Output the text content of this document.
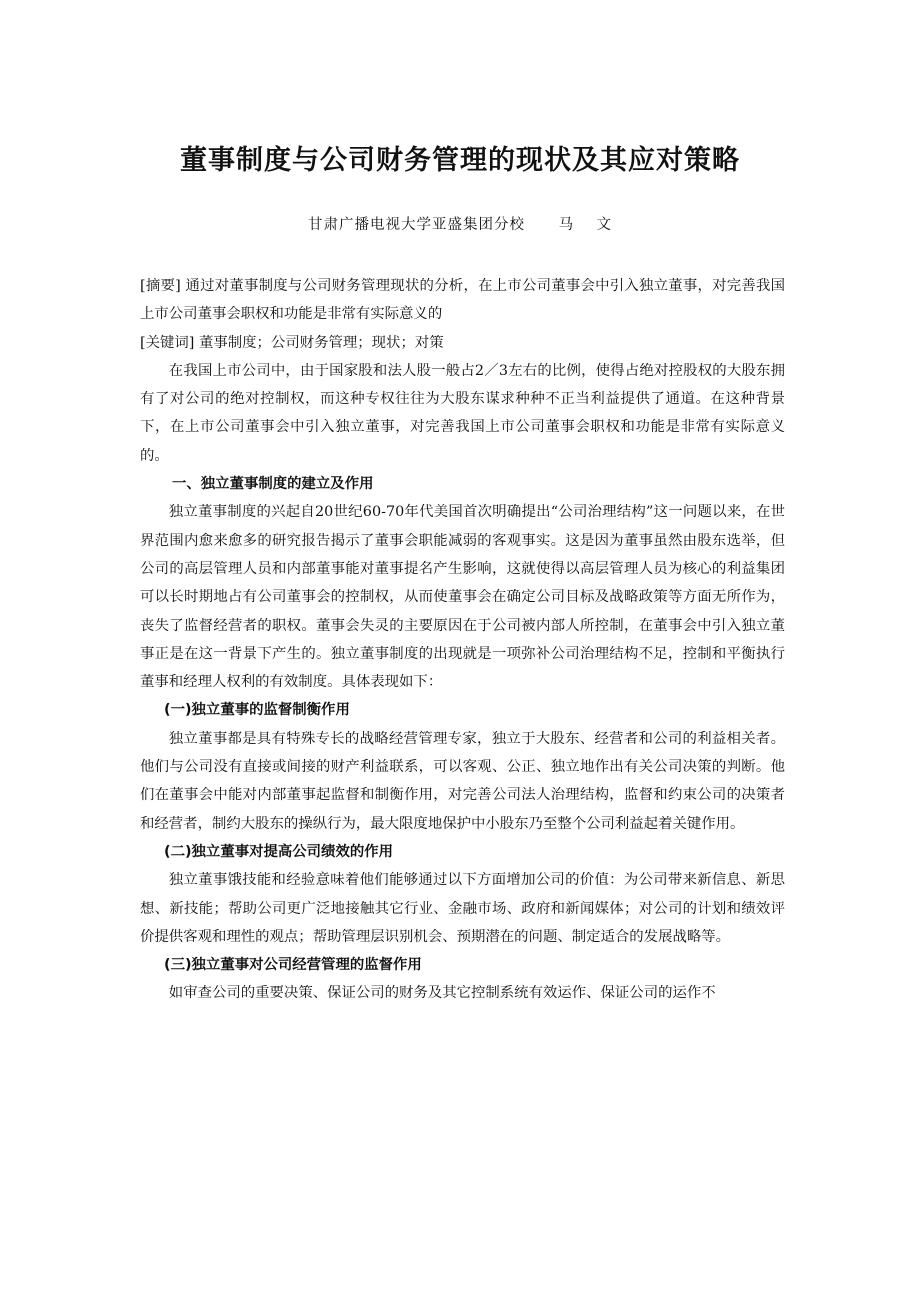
董事制度与公司财务管理的现状及其应对策略
甘肃广播电视大学亚盛集团分校      马    文

[摘要] 通过对董事制度与公司财务管理现状的分析，在上市公司董事会中引入独立董事，对完善我国上市公司董事会职权和功能是非常有实际意义的

[关键词] 董事制度；公司财务管理；现状；对策

在我国上市公司中，由于国家股和法人股一般占2／3左右的比例，使得占绝对控股权的大股东拥有了对公司的绝对控制权，而这种专权往往为大股东谋求种种不正当利益提供了通道。在这种背景下，在上市公司董事会中引入独立董事，对完善我国上市公司董事会职权和功能是非常有实际意义的。

一、独立董事制度的建立及作用

独立董事制度的兴起自20世纪60-70年代美国首次明确提出“公司治理结构”这一问题以来，在世界范围内愈来愈多的研究报告揭示了董事会职能减弱的客观事实。这是因为董事虽然由股东选举，但公司的高层管理人员和内部董事能对董事提名产生影响，这就使得以高层管理人员为核心的利益集团可以长时期地占有公司董事会的控制权，从而使董事会在确定公司目标及战略政策等方面无所作为，丧失了监督经营者的职权。董事会失灵的主要原因在于公司被内部人所控制，在董事会中引入独立董事正是在这一背景下产生的。独立董事制度的出现就是一项弥补公司治理结构不足，控制和平衡执行董事和经理人权利的有效制度。具体表现如下：

(一)独立董事的监督制衡作用

独立董事都是具有特殊专长的战略经营管理专家，独立于大股东、经营者和公司的利益相关者。他们与公司没有直接或间接的财产利益联系，可以客观、公正、独立地作出有关公司决策的判断。他们在董事会中能对内部董事起监督和制衡作用，对完善公司法人治理结构，监督和约束公司的决策者和经营者，制约大股东的操纵行为，最大限度地保护中小股东乃至整个公司利益起着关键作用。

(二)独立董事对提高公司绩效的作用

独立董事饿技能和经验意味着他们能够通过以下方面增加公司的价值：为公司带来新信息、新思想、新技能；帮助公司更广泛地接触其它行业、金融市场、政府和新闻媒体；对公司的计划和绩效评价提供客观和理性的观点；帮助管理层识别机会、预期潜在的问题、制定适合的发展战略等。

(三)独立董事对公司经营管理的监督作用

如审查公司的重要决策、保证公司的财务及其它控制系统有效运作、保证公司的运作不
